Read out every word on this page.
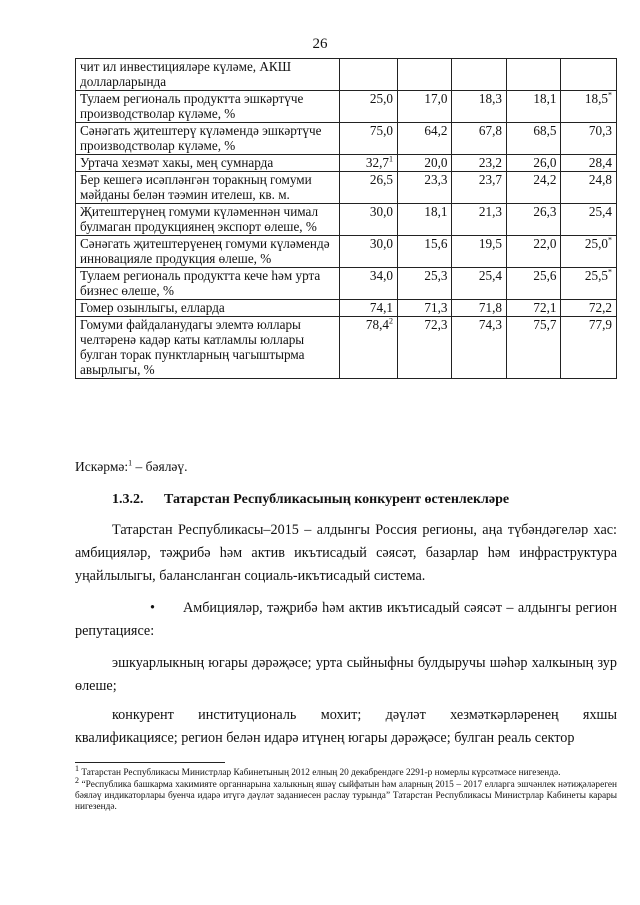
26
чит ил инвестицияләре күләме, АКШ долларларында					
Тулаем региональ продуктта эшкәртүче производстволар күләме, %	25,0	17,0	18,3	18,1	18,5*
Сәнәгать җитештерү күләмендә эшкәртүче производстволар күләме, %	75,0	64,2	67,8	68,5	70,3
Уртача хезмәт хакы, мең сумнарда	32,7$^1$	20,0	23,2	26,0	28,4
Бер кешегә исәпләнгән торакның гомуми мәйданы белән тәэмин ителеш, кв. м.	26,5	23,3	23,7	24,2	24,8
Җитештерүнең гомуми күләменнән чимал булмаган продукциянең экспорт өлеше, %	30,0	18,1	21,3	26,3	25,4
Сәнәгать җитештерүенең гомуми күләмендә инновацияле продукция өлеше, %	30,0	15,6	19,5	22,0	25,0*
Тулаем региональ продуктта кече һәм урта бизнес өлеше, %	34,0	25,3	25,4	25,6	25,5*
Гомер озынлыгы, елларда	74,1	71,3	71,8	72,1	72,2
Гомуми файдаланудагы элемтә юллары челтәренә кадәр каты катламлы юллары булган торак пунктларның чагыштырма авырлыгы, %	78,4$^2$	72,3	74,3	75,7	77,9
Искәрмә:$^1$ – бәяләү.
1.3.2. Татарстан Республикасының конкурент өстенлекләре
Татарстан Республикасы–2015 – алдынгы Россия регионы, аңа түбәндәгеләр хас: амбицияләр, тәҗрибә һәм актив икътисадый сәясәт, базарлар һәм инфраструктура уңайлылыгы, балансланган социаль-икътисадый система.
• Амбицияләр, тәҗрибә һәм актив икътисадый сәясәт – алдынгы регион репутациясе:
эшкуарлыкның югары дәрәҗәсе; урта сыйныфны булдыручы шәһәр халкының зур өлеше;
конкурент институциональ мохит; дәүләт хезмәткәрләренең яхшы квалификациясе; регион белән идарә итүнең югары дәрәҗәсе; булган реаль сектор

$^1$ Татарстан Республикасы Министрлар Кабинетының 2012 елның 20 декабрендәге 2291-р номерлы күрсәтмәсе нигезендә.

$^2$ “Республика башкарма хакимияте органнарына халыкның яшәү сыйфатын һәм аларның 2015 – 2017 елларга эшчәнлек нәтиҗәләреген бәяләү индикаторлары буенча идарә итүгә дәүләт заданиесен раслау турында” Татарстан Республикасы Министрлар Кабинеты карары нигезендә.
